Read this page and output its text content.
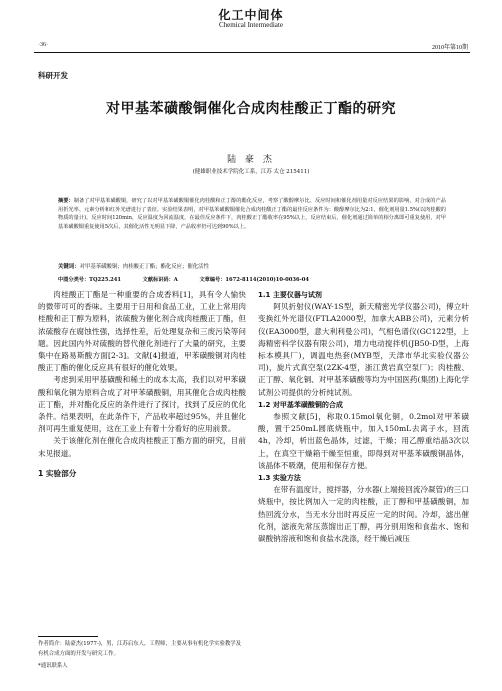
化工中间体
Chemical Intermediate
·36·	2010年第10期
科研开发
对甲基苯磺酸铜催化合成肉桂酸正丁酯的研究
陆 豪 杰
(健雄职业技术学院化工系，江苏 太仓 215411)
摘要：制备了对甲基苯磺酸铜，研究了以对甲基苯磺酸铜催化肉桂酸和正丁醇的酯化反应，考察了酸醇摩尔比、反应时间和催化剂用量对反应结果的影响，对合成的产品用折光率、元素分析和红外光谱进行了表征。实验结果表明，对甲基苯磺酸铜催化合成肉桂酸正丁酯的最佳反应条件为：酸醇摩尔比为2:1，催化剂用量1.5%(以肉桂酸的物质的量计)，反应时间120min，反应温度为回流温度，在最佳反应条件下，肉桂酸正丁酯收率在95%以上，反应结束后，催化剂通过简单的相分离即可重复使用，对甲基苯磺酸铜重复使用5次后，其催化活性无明显下降，产品收率仍可达到90%以上。
关键词：对甲基苯磺酸铜；肉桂酸正丁酯；酯化反应；催化活性
中图分类号：TQ225.241	文献标识码：A	文章编号：1672-8114(2010)10-0036-04

肉桂酸正丁酯是一种重要的合成香料[1]，具有令人愉快的微带可可的香味。主要用于日用和食品工业，工业上常用肉桂酸和正丁醇为原料，浓硫酸为催化剂合成肉桂酸正丁酯，但浓硫酸存在腐蚀性强，选择性差，后处理复杂和三废污染等问题。因此国内外对硫酸的替代催化剂进行了大量的研究，主要集中在路易斯酸方面[2-3]。文献[4]报道，甲苯磺酸铜对肉桂酸正丁酯的催化反应具有很好的催化效果。

考虑到采用甲基磺酸和稀土的成本太高，我们以对甲苯磺酸和氧化铜为原料合成了对甲苯磺酸铜，用其催化合成肉桂酸正丁酯，并对酯化反应的条件进行了探讨，找到了反应的优化条件。结果表明，在此条件下，产品收率超过95%，并且催化剂可再生重复使用，这在工业上有着十分看好的应用前景。

关于该催化剂在催化合成肉桂酸正丁酯方面的研究，目前未见报道。

1 实验部分
1.1 主要仪器与试剂

阿贝折射仪(WAY-1S型，新天精密光学仪器公司)，傅立叶变换红外光谱仪(FTLA2000型，加拿大ABB公司)，元素分析仪(EA3000型，意大利利曼公司)，气相色谱仪(GC122型，上海精密科学仪器有限公司)，增力电动搅拌机(JB50-D型，上海标本模具厂)，调温电热套(MYB型，天津市华北实验仪器公司)，旋片式真空泵(2ZK-4型，浙江黄岩真空泵厂)；肉桂酸、正丁醇、氧化铜、对甲基苯磺酸等均为中国医药(集团)上海化学试剂公司提供的分析纯试剂。

1.2 对甲基苯磺酸铜的合成

参照文献[5]，称取0.15mol氧化铜，0.2mol对甲苯磺酸，置于250mL圆底烧瓶中，加入150mL去离子水，回流4h，冷却，析出蓝色晶体，过滤，干燥；用乙醇重结晶3次以上，在真空干燥箱干燥至恒重，即得到对甲基苯磺酸铜晶体，该晶体不吸潮，使用和保存方便。

1.3 实验方法

在带有温度计，搅拌器，分水器(上端接回流冷凝管)的三口烧瓶中，按比例加入一定的肉桂酸，正丁醇和甲基磺酸铜，加热回流分水，当无水分出时再反应一定的时间。冷却，滤出催化剂，滤液先常压蒸馏出正丁醇，再分别用饱和食盐水、饱和碳酸钠溶液和饱和食盐水洗涤，经干燥后减压

作者简介：陆豪杰(1977-)，男，江苏启东人，工程师，主要从事有机化学实验教学及有机合成方面的开发与研究工作。
*通讯联系人
